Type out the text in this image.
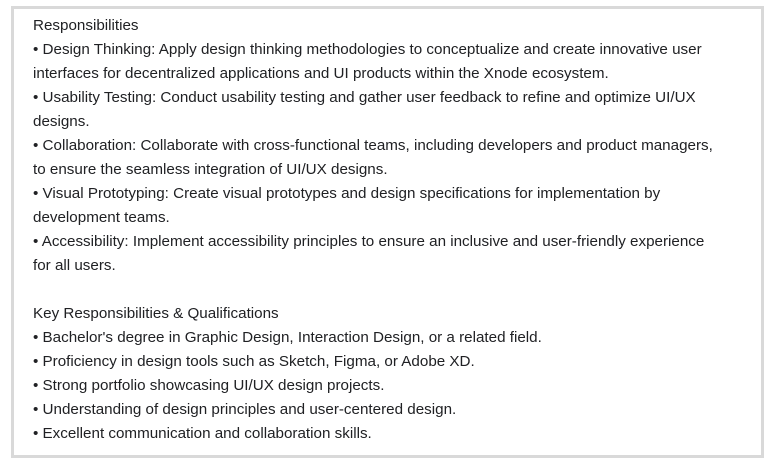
Responsibilities
• Design Thinking: Apply design thinking methodologies to conceptualize and create innovative user
interfaces for decentralized applications and UI products within the Xnode ecosystem.
• Usability Testing: Conduct usability testing and gather user feedback to refine and optimize UI/UX
designs.
• Collaboration: Collaborate with cross-functional teams, including developers and product managers,
to ensure the seamless integration of UI/UX designs.
• Visual Prototyping: Create visual prototypes and design specifications for implementation by
development teams.
• Accessibility: Implement accessibility principles to ensure an inclusive and user-friendly experience
for all users.
Key Responsibilities & Qualifications
• Bachelor's degree in Graphic Design, Interaction Design, or a related field.
• Proficiency in design tools such as Sketch, Figma, or Adobe XD.
• Strong portfolio showcasing UI/UX design projects.
• Understanding of design principles and user-centered design.
• Excellent communication and collaboration skills.
